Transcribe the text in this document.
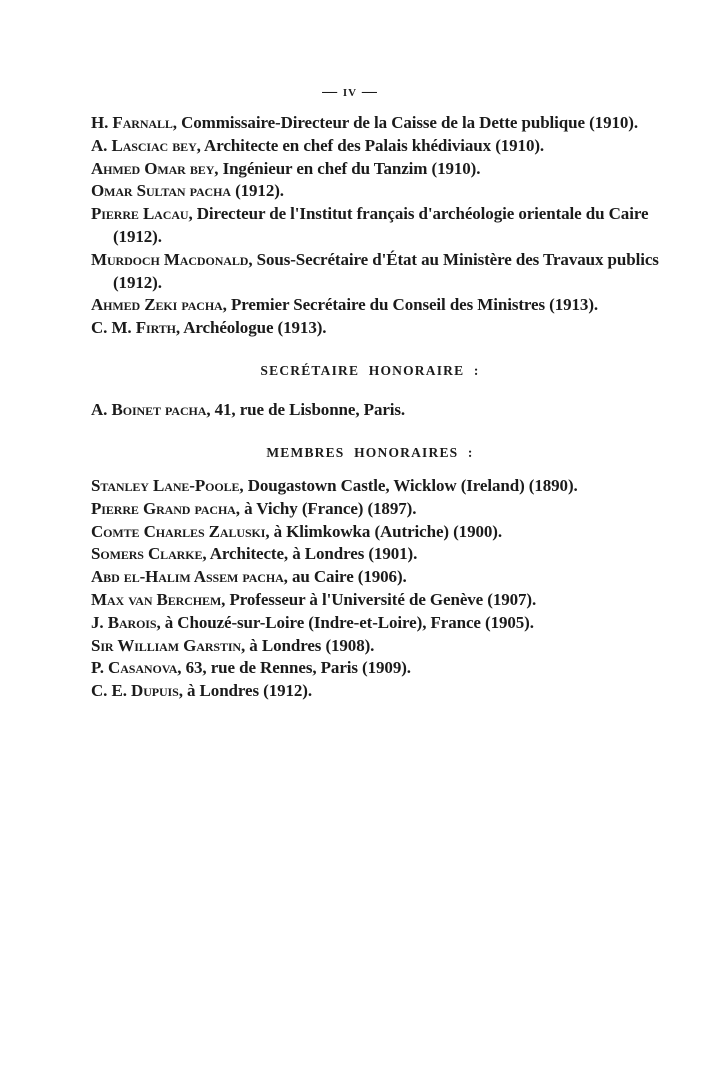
— iv —

H. Farnall, Commissaire-Directeur de la Caisse de la Dette publique (1910).

A. Lasciac bey, Architecte en chef des Palais khédiviaux (1910).

Ahmed Omar bey, Ingénieur en chef du Tanzim (1910).

Omar Sultan pacha (1912).

Pierre Lacau, Directeur de l'Institut français d'archéologie orientale du Caire
(1912).

Murdoch Macdonald, Sous-Secrétaire d'État au Ministère des Travaux publics
(1912).

Ahmed Zeki pacha, Premier Secrétaire du Conseil des Ministres (1913).

C. M. Firth, Archéologue (1913).

SECRÉTAIRE HONORAIRE :

A. Boinet pacha, 41, rue de Lisbonne, Paris.

MEMBRES HONORAIRES :

Stanley Lane-Poole, Dougastown Castle, Wicklow (Ireland) (1890).

Pierre Grand pacha, à Vichy (France) (1897).

Comte Charles Zaluski, à Klimkowka (Autriche) (1900).

Somers Clarke, Architecte, à Londres (1901).

Abd el-Halim Assem pacha, au Caire (1906).

Max van Berchem, Professeur à l'Université de Genève (1907).

J. Barois, à Chouzé-sur-Loire (Indre-et-Loire), France (1905).

Sir William Garstin, à Londres (1908).

P. Casanova, 63, rue de Rennes, Paris (1909).

C. E. Dupuis, à Londres (1912).
